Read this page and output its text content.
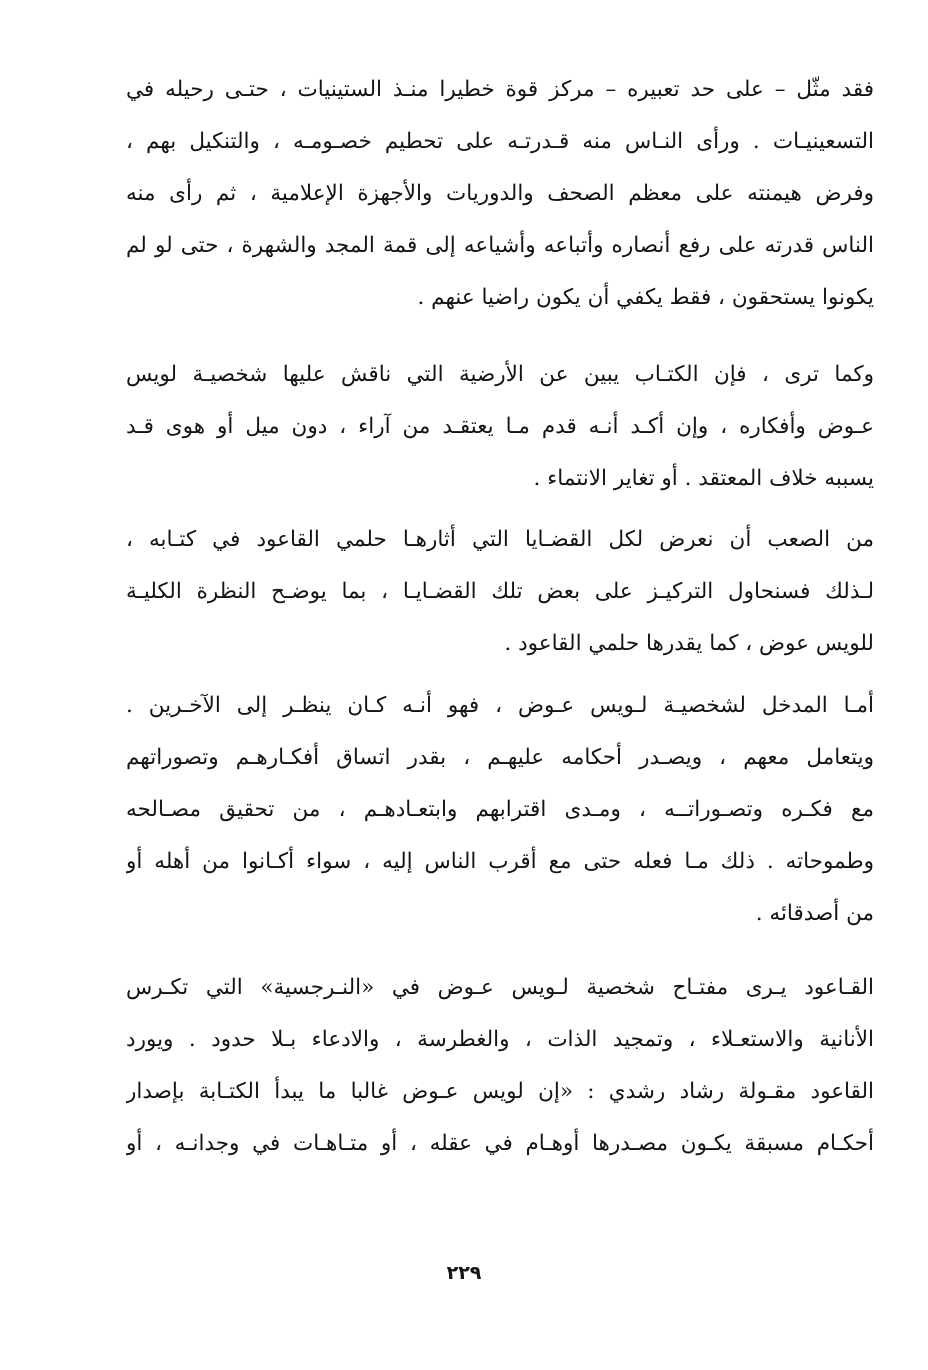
فقد مثّل – على حد تعبيره – مركز قوة خطيرا منـذ الستينيات ، حتـى رحيله في
التسعينيـات . ورأى النـاس منه قـدرتـه على تحطيم خصـومـه ، والتنكيل بهم ،
وفرض هيمنته على معظم الصحف والدوريات والأجهزة الإعلامية ، ثم رأى منه
الناس قدرته على رفع أنصاره وأتباعه وأشياعه إلى قمة المجد والشهرة ، حتى لو لم
يكونوا يستحقون ، فقط يكفي أن يكون راضيا عنهم .
وكما ترى ، فإن الكتـاب يبين عن الأرضية التي ناقش عليها شخصيـة لويس
عـوض وأفكاره ، وإن أكـد أنـه قدم مـا يعتقـد من آراء ، دون ميل أو هوى قـد
يسببه خلاف المعتقد . أو تغاير الانتماء .
من الصعب أن نعرض لكل القضـايا التي أثارهـا حلمي القاعود في كتـابه ،
لـذلك فسنحاول التركيـز على بعض تلك القضـايـا ، بما يوضـح النظرة الكليـة
للويس عوض ، كما يقدرها حلمي القاعود .
أمـا المدخل لشخصيـة لـويس عـوض ، فهو أنـه كـان ينظـر إلى الآخـرين .
ويتعامل معهم ، ويصـدر أحكامه عليهـم ، بقدر اتساق أفكـارهـم وتصوراتهم
مع فكـره وتصـوراتــه ، ومـدى اقترابهم وابتعـادهـم ، من تحقيق مصـالحه
وطموحاته . ذلك مـا فعله حتى مع أقرب الناس إليه ، سواء أكـانوا من أهله أو
من أصدقائه .
القـاعود يـرى مفتـاح شخصية لـويس عـوض في «النـرجسية» التي تكـرس
الأنانية والاستعـلاء ، وتمجيد الذات ، والغطرسة ، والادعاء بـلا حدود . ويورد
القاعود مقـولة رشاد رشدي : «إن لويس عـوض غالبا ما يبدأ الكتـابة بإصدار
أحكـام مسبقة يكـون مصـدرها أوهـام في عقله ، أو متـاهـات في وجدانـه ، أو
٢٢٩
